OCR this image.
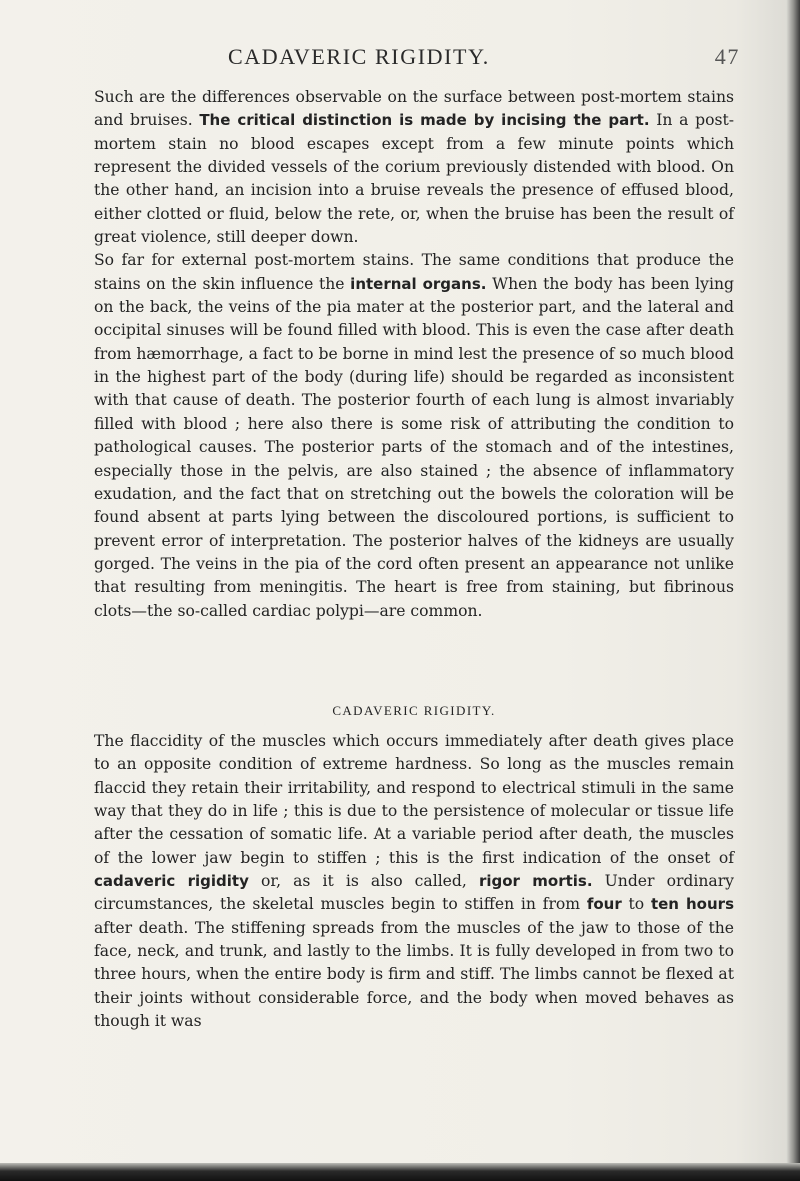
CADAVERIC RIGIDITY.	47

Such are the differences observable on the surface between post-mortem stains and bruises. The critical distinction is made by incising the part. In a post-mortem stain no blood escapes except from a few minute points which represent the divided vessels of the corium previously distended with blood. On the other hand, an incision into a bruise reveals the presence of effused blood, either clotted or fluid, below the rete, or, when the bruise has been the result of great violence, still deeper down.

So far for external post-mortem stains. The same conditions that produce the stains on the skin influence the internal organs. When the body has been lying on the back, the veins of the pia mater at the posterior part, and the lateral and occipital sinuses will be found filled with blood. This is even the case after death from hæmorrhage, a fact to be borne in mind lest the presence of so much blood in the highest part of the body (during life) should be regarded as inconsistent with that cause of death. The posterior fourth of each lung is almost invariably filled with blood ; here also there is some risk of attributing the condition to pathological causes. The posterior parts of the stomach and of the intestines, especially those in the pelvis, are also stained ; the absence of inflammatory exudation, and the fact that on stretching out the bowels the coloration will be found absent at parts lying between the discoloured portions, is sufficient to prevent error of interpretation. The posterior halves of the kidneys are usually gorged. The veins in the pia of the cord often present an appearance not unlike that resulting from meningitis. The heart is free from staining, but fibrinous clots—the so-called cardiac polypi—are common.

CADAVERIC RIGIDITY.

The flaccidity of the muscles which occurs immediately after death gives place to an opposite condition of extreme hardness. So long as the muscles remain flaccid they retain their irritability, and respond to electrical stimuli in the same way that they do in life ; this is due to the persistence of molecular or tissue life after the cessation of somatic life. At a variable period after death, the muscles of the lower jaw begin to stiffen ; this is the first indication of the onset of cadaveric rigidity or, as it is also called, rigor mortis. Under ordinary circumstances, the skeletal muscles begin to stiffen in from four to ten hours after death. The stiffening spreads from the muscles of the jaw to those of the face, neck, and trunk, and lastly to the limbs. It is fully developed in from two to three hours, when the entire body is firm and stiff. The limbs cannot be flexed at their joints without considerable force, and the body when moved behaves as though it was
